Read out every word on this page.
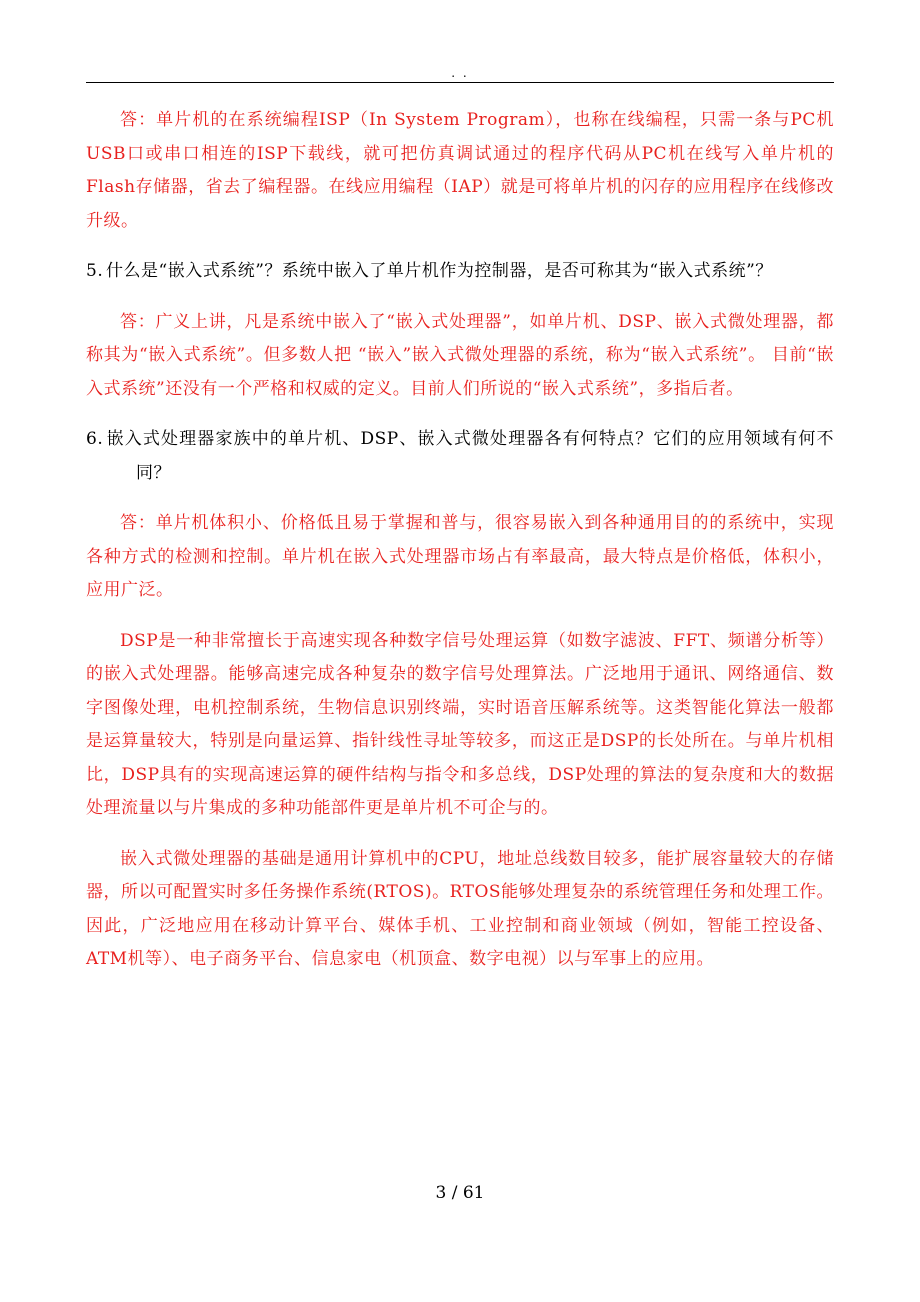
. .

答：单片机的在系统编程ISP（In System Program），也称在线编程，只需一条与PC机USB口或串口相连的ISP下载线，就可把仿真调试通过的程序代码从PC机在线写入单片机的Flash存储器，省去了编程器。在线应用编程（IAP）就是可将单片机的闪存的应用程序在线修改升级。

5. 什么是“嵌入式系统”？系统中嵌入了单片机作为控制器，是否可称其为“嵌入式系统”？

答：广义上讲，凡是系统中嵌入了“嵌入式处理器”，如单片机、DSP、嵌入式微处理器，都称其为“嵌入式系统”。但多数人把 “嵌入”嵌入式微处理器的系统，称为“嵌入式系统”。 目前“嵌入式系统”还没有一个严格和权威的定义。目前人们所说的“嵌入式系统”，多指后者。

6. 嵌入式处理器家族中的单片机、DSP、嵌入式微处理器各有何特点？它们的应用领域有何不同？

答：单片机体积小、价格低且易于掌握和普与，很容易嵌入到各种通用目的的系统中，实现各种方式的检测和控制。单片机在嵌入式处理器市场占有率最高，最大特点是价格低，体积小，应用广泛。

DSP是一种非常擅长于高速实现各种数字信号处理运算（如数字滤波、FFT、频谱分析等）的嵌入式处理器。能够高速完成各种复杂的数字信号处理算法。广泛地用于通讯、网络通信、数字图像处理，电机控制系统，生物信息识别终端，实时语音压解系统等。这类智能化算法一般都是运算量较大，特别是向量运算、指针线性寻址等较多，而这正是DSP的长处所在。与单片机相比，DSP具有的实现高速运算的硬件结构与指令和多总线，DSP处理的算法的复杂度和大的数据处理流量以与片集成的多种功能部件更是单片机不可企与的。

嵌入式微处理器的基础是通用计算机中的CPU，地址总线数目较多，能扩展容量较大的存储器，所以可配置实时多任务操作系统(RTOS)。RTOS能够处理复杂的系统管理任务和处理工作。因此，广泛地应用在移动计算平台、媒体手机、工业控制和商业领域（例如，智能工控设备、ATM机等）、电子商务平台、信息家电（机顶盒、数字电视）以与军事上的应用。

3 / 61
